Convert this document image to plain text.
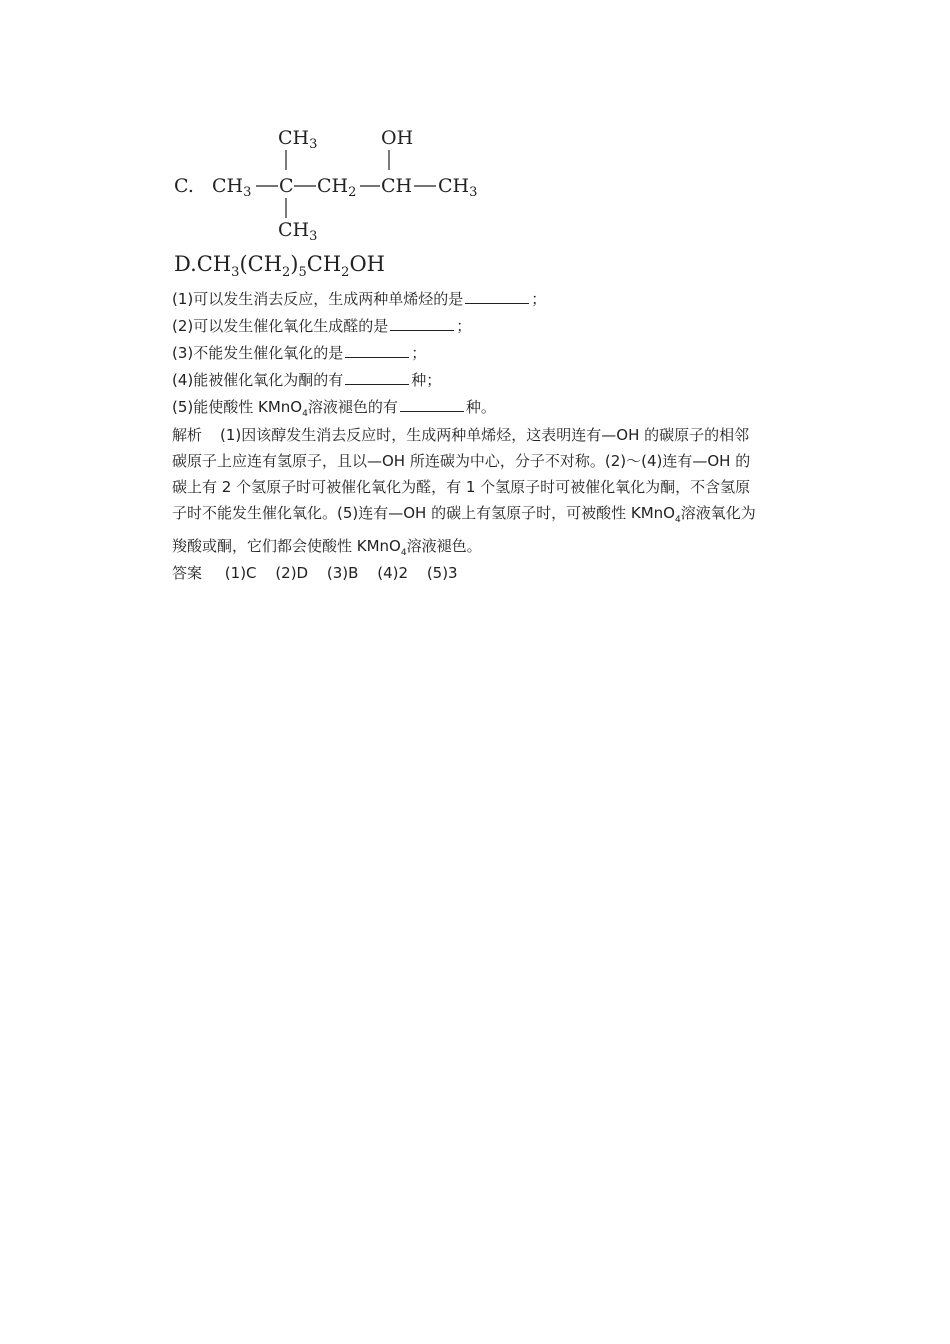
C.
$CH_3$	OH
$CH_3$ C $CH_2$ CH $CH_3$
$CH_3$
$D.CH_3(CH_2)_5CH_2OH$
(1)可以发生消去反应，生成两种单烯烃的是	；
(2)可以发生催化氧化生成醛的是	；
(3)不能发生催化氧化的是	；
(4)能被催化氧化为酮的有	种；
(5)能使酸性 KMnO$_4$溶液褪色的有	种。
解析 (1)因该醇发生消去反应时，生成两种单烯烃，这表明连有—OH 的碳原子的相邻
碳原子上应连有氢原子，且以—OH 所连碳为中心，分子不对称。(2)～(4)连有—OH 的
碳上有 2 个氢原子时可被催化氧化为醛，有 1 个氢原子时可被催化氧化为酮，不含氢原
子时不能发生催化氧化。(5)连有—OH 的碳上有氢原子时，可被酸性 KMnO$_4$溶液氧化为
羧酸或酮，它们都会使酸性 KMnO$_4$溶液褪色。
答案 (1)C (2)D (3)B (4)2 (5)3
